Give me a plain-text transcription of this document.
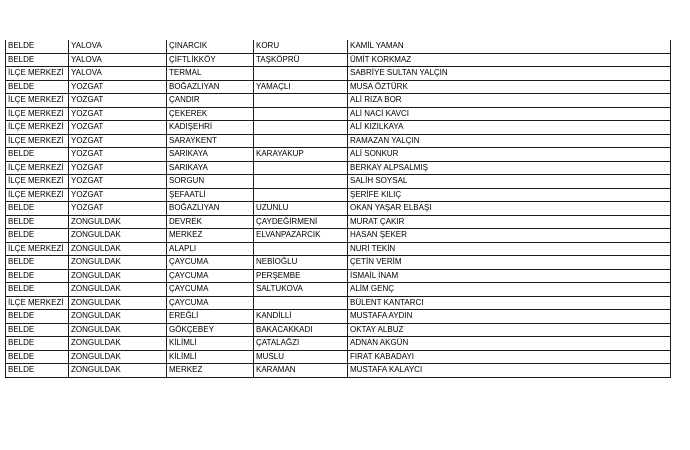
BELDE	YALOVA	ÇINARCIK	KORU	KAMİL YAMAN
BELDE	YALOVA	ÇİFTLİKKÖY	TAŞKÖPRÜ	ÜMİT KORKMAZ
İLÇE MERKEZİ	YALOVA	TERMAL		SABRİYE SULTAN YALÇIN
BELDE	YOZGAT	BOĞAZLIYAN	YAMAÇLI	MUSA ÖZTÜRK
İLÇE MERKEZİ	YOZGAT	ÇANDIR		ALİ RIZA BOR
İLÇE MERKEZİ	YOZGAT	ÇEKEREK		ALİ NACİ KAVCI
İLÇE MERKEZİ	YOZGAT	KADIŞEHRİ		ALİ KIZILKAYA
İLÇE MERKEZİ	YOZGAT	SARAYKENT		RAMAZAN YALÇIN
BELDE	YOZGAT	SARIKAYA	KARAYAKUP	ALİ SONKUR
İLÇE MERKEZİ	YOZGAT	SARIKAYA		BERKAY ALPSALMIŞ
İLÇE MERKEZİ	YOZGAT	SORGUN		SALİH SOYSAL
İLÇE MERKEZİ	YOZGAT	ŞEFAATLİ		ŞERİFE KILIÇ
BELDE	YOZGAT	BOĞAZLIYAN	UZUNLU	OKAN YAŞAR ELBAŞI
BELDE	ZONGULDAK	DEVREK	ÇAYDEĞİRMENİ	MURAT ÇAKIR
BELDE	ZONGULDAK	MERKEZ	ELVANPAZARCIK	HASAN ŞEKER
İLÇE MERKEZİ	ZONGULDAK	ALAPLI		NURİ TEKİN
BELDE	ZONGULDAK	ÇAYCUMA	NEBİOĞLU	ÇETİN VERİM
BELDE	ZONGULDAK	ÇAYCUMA	PERŞEMBE	İSMAİL İNAM
BELDE	ZONGULDAK	ÇAYCUMA	SALTUKOVA	ALİM GENÇ
İLÇE MERKEZİ	ZONGULDAK	ÇAYCUMA		BÜLENT KANTARCI
BELDE	ZONGULDAK	EREĞLİ	KANDİLLİ	MUSTAFA AYDIN
BELDE	ZONGULDAK	GÖKÇEBEY	BAKACAKKADI	OKTAY ALBUZ
BELDE	ZONGULDAK	KİLİMLİ	ÇATALAĞZI	ADNAN AKGÜN
BELDE	ZONGULDAK	KİLİMLİ	MUSLU	FIRAT KABADAYI
BELDE	ZONGULDAK	MERKEZ	KARAMAN	MUSTAFA KALAYCI
